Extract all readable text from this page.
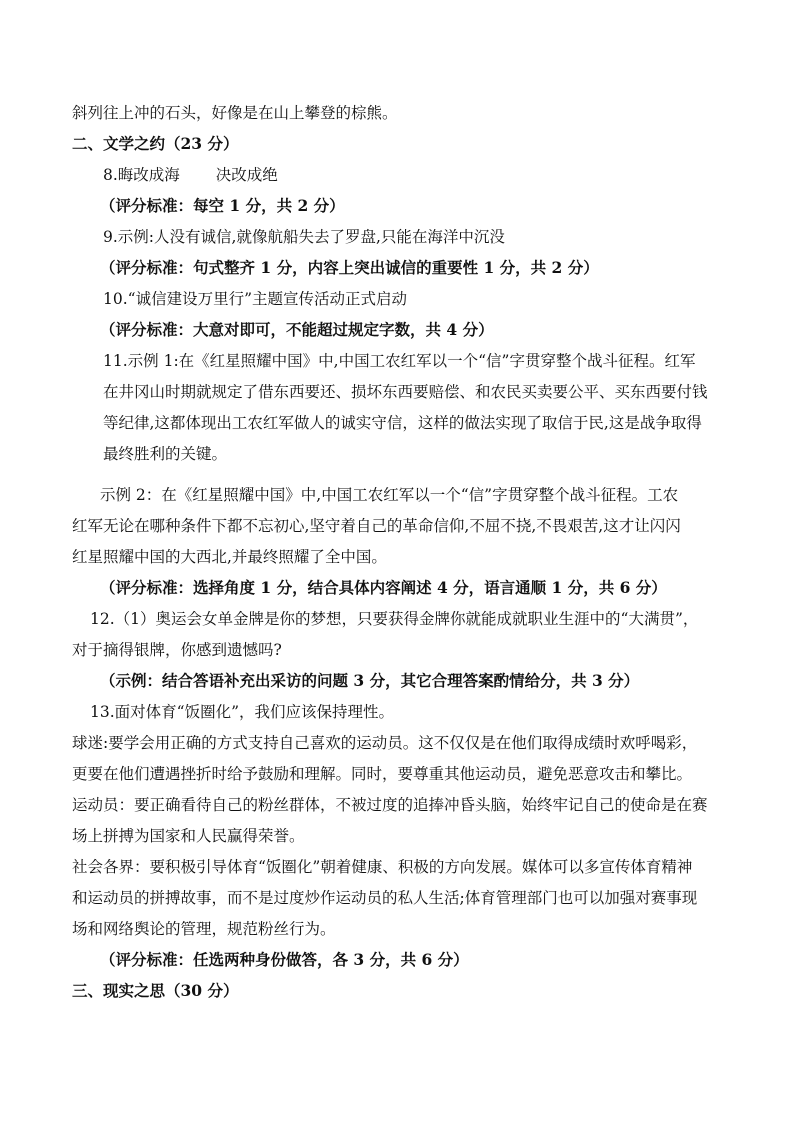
斜列往上冲的石头，好像是在山上攀登的棕熊。
二、文学之约（23 分）
8.晦改成海 决改成绝
（评分标准：每空 1 分，共 2 分）
9.示例:人没有诚信,就像航船失去了罗盘,只能在海洋中沉没
（评分标准：句式整齐 1 分，内容上突出诚信的重要性 1 分，共 2 分）
10.“诚信建设万里行”主题宣传活动正式启动
（评分标准：大意对即可，不能超过规定字数，共 4 分）
11.示例 1:在《红星照耀中国》中,中国工农红军以一个“信”字贯穿整个战斗征程。红军
在井冈山时期就规定了借东西要还、损坏东西要赔偿、和农民买卖要公平、买东西要付钱
等纪律,这都体现出工农红军做人的诚实守信，这样的做法实现了取信于民,这是战争取得
最终胜利的关键。
示例 2：在《红星照耀中国》中,中国工农红军以一个“信”字贯穿整个战斗征程。工农
红军无论在哪种条件下都不忘初心,坚守着自己的革命信仰,不屈不挠,不畏艰苦,这才让闪闪
红星照耀中国的大西北,并最终照耀了全中国。
（评分标准：选择角度 1 分，结合具体内容阐述 4 分，语言通顺 1 分，共 6 分）
12.（1）奥运会女单金牌是你的梦想，只要获得金牌你就能成就职业生涯中的“大满贯”，
对于摘得银牌，你感到遗憾吗?
（示例：结合答语补充出采访的问题 3 分，其它合理答案酌情给分，共 3 分）
13.面对体育“饭圈化”，我们应该保持理性。
球迷:要学会用正确的方式支持自己喜欢的运动员。这不仅仅是在他们取得成绩时欢呼喝彩，
更要在他们遭遇挫折时给予鼓励和理解。同时，要尊重其他运动员，避免恶意攻击和攀比。
运动员：要正确看待自己的粉丝群体，不被过度的追捧冲昏头脑，始终牢记自己的使命是在赛
场上拼搏为国家和人民赢得荣誉。
社会各界：要积极引导体育“饭圈化”朝着健康、积极的方向发展。媒体可以多宣传体育精神
和运动员的拼搏故事，而不是过度炒作运动员的私人生活;体育管理部门也可以加强对赛事现
场和网络舆论的管理，规范粉丝行为。
（评分标准：任选两种身份做答，各 3 分，共 6 分）
三、现实之思（30 分）
